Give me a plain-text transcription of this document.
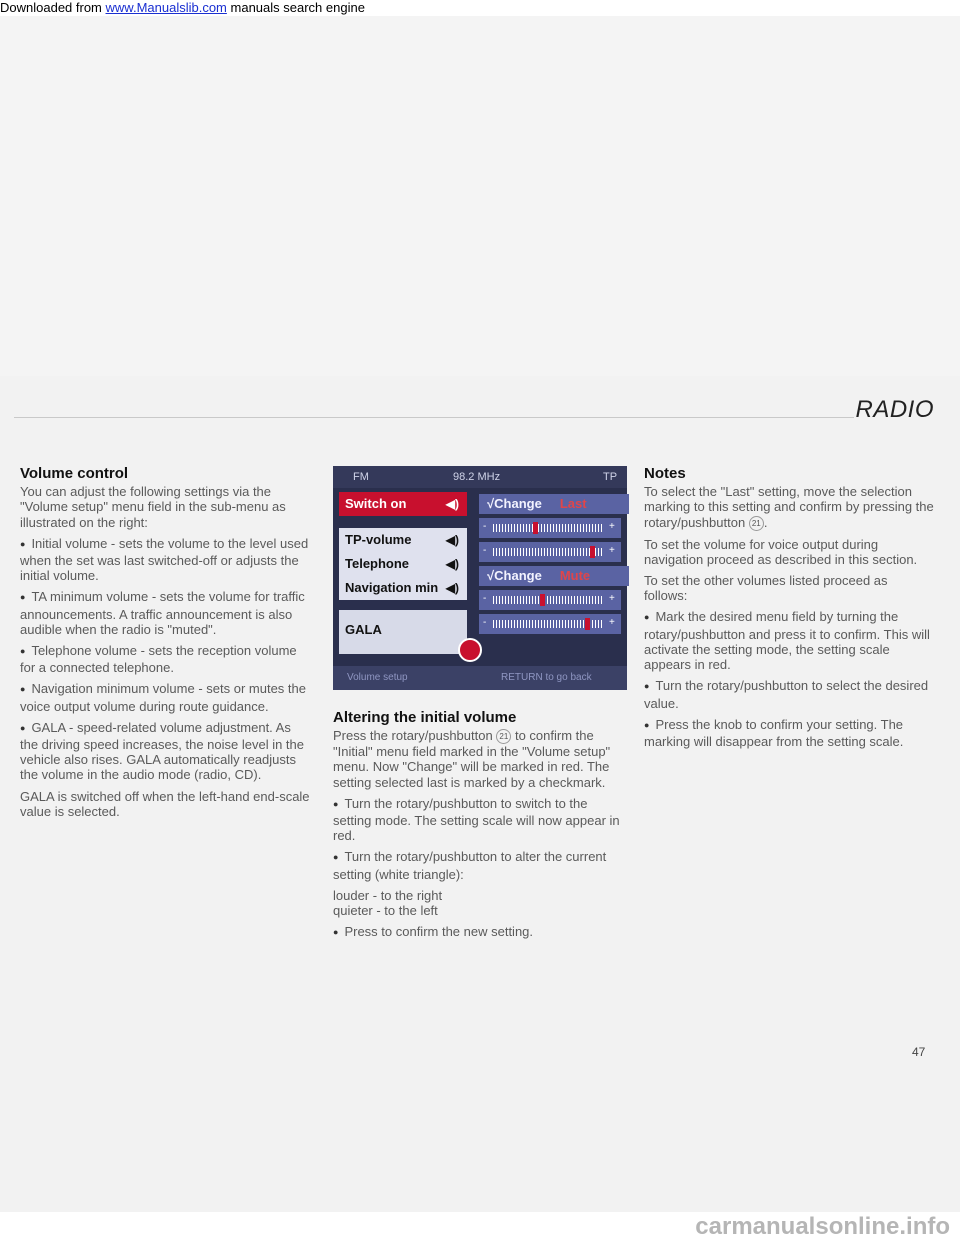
Downloaded from www.Manualslib.com manuals search engine
RADIO
Volume control

You can adjust the following settings via the "Volume setup" menu field in the sub-menu as illustrated on the right:

● Initial volume - sets the volume to the level used when the set was last switched-off or adjusts the initial volume.

● TA minimum volume - sets the volume for traffic announcements. A traffic announcement is also audible when the radio is "muted".

● Telephone volume - sets the reception volume for a connected telephone.

● Navigation minimum volume - sets or mutes the voice output volume during route guidance.

● GALA - speed-related volume adjustment. As the driving speed increases, the noise level in the vehicle also rises. GALA automatically readjusts the volume in the audio mode (radio, CD).

GALA is switched off when the left-hand end-scale value is selected.

FM	98.2 MHz	TP
Switch on	◀)
TP-volume	◀)
Telephone	◀)
Navigation min ◀)
GALA
√Change Last
-	+
-	+
√Change Mute
-	+
-	+
Volume setup	RETURN to go back
Altering the initial volume

Press the rotary/pushbutton 21 to confirm the "Initial" menu field marked in the "Volume setup" menu. Now "Change" will be marked in red. The setting selected last is marked by a checkmark.

● Turn the rotary/pushbutton to switch to the setting mode. The setting scale will now appear in red.

● Turn the rotary/pushbutton to alter the current setting (white triangle):

louder - to the right

quieter - to the left

● Press to confirm the new setting.

Notes

To select the "Last" setting, move the selection marking to this setting and confirm by pressing the rotary/pushbutton 21 .

To set the volume for voice output during navigation proceed as described in this section.

To set the other volumes listed proceed as follows:

● Mark the desired menu field by turning the rotary/pushbutton and press it to confirm. This will activate the setting mode, the setting scale appears in red.

● Turn the rotary/pushbutton to select the desired value.

● Press the knob to confirm your setting. The marking will disappear from the setting scale.

47
carmanualsonline.info
